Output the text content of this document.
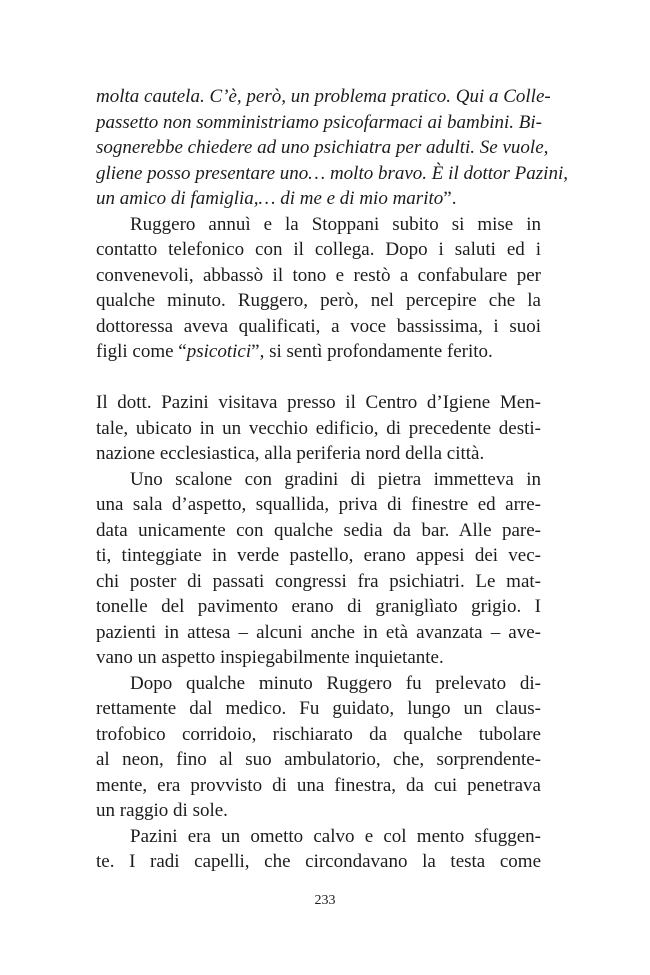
molta cautela. C’è, però, un problema pratico. Qui a Colle-
passetto non somministriamo psicofarmaci ai bambini. Bi-
sognerebbe chiedere ad uno psichiatra per adulti. Se vuole,
gliene posso presentare uno… molto bravo. È il dottor Pazini,
un amico di famiglia,… di me e di mio marito”.
Ruggero annuì e la Stoppani subito si mise in
contatto telefonico con il collega. Dopo i saluti ed i
convenevoli, abbassò il tono e restò a confabulare per
qualche minuto. Ruggero, però, nel percepire che la
dottoressa aveva qualificati, a voce bassissima, i suoi
figli come “psicotici”, si sentì profondamente ferito.
Il dott. Pazini visitava presso il Centro d’Igiene Men-
tale, ubicato in un vecchio edificio, di precedente desti-
nazione ecclesiastica, alla periferia nord della città.
Uno scalone con gradini di pietra immetteva in
una sala d’aspetto, squallida, priva di finestre ed arre-
data unicamente con qualche sedia da bar. Alle pare-
ti, tinteggiate in verde pastello, erano appesi dei vec-
chi poster di passati congressi fra psichiatri. Le mat-
tonelle del pavimento erano di graniglìato grigio. I
pazienti in attesa – alcuni anche in età avanzata – ave-
vano un aspetto inspiegabilmente inquietante.
Dopo qualche minuto Ruggero fu prelevato di-
rettamente dal medico. Fu guidato, lungo un claus-
trofobico corridoio, rischiarato da qualche tubolare
al neon, fino al suo ambulatorio, che, sorprendente-
mente, era provvisto di una finestra, da cui penetrava
un raggio di sole.
Pazini era un ometto calvo e col mento sfuggen-
te. I radi capelli, che circondavano la testa come
233
